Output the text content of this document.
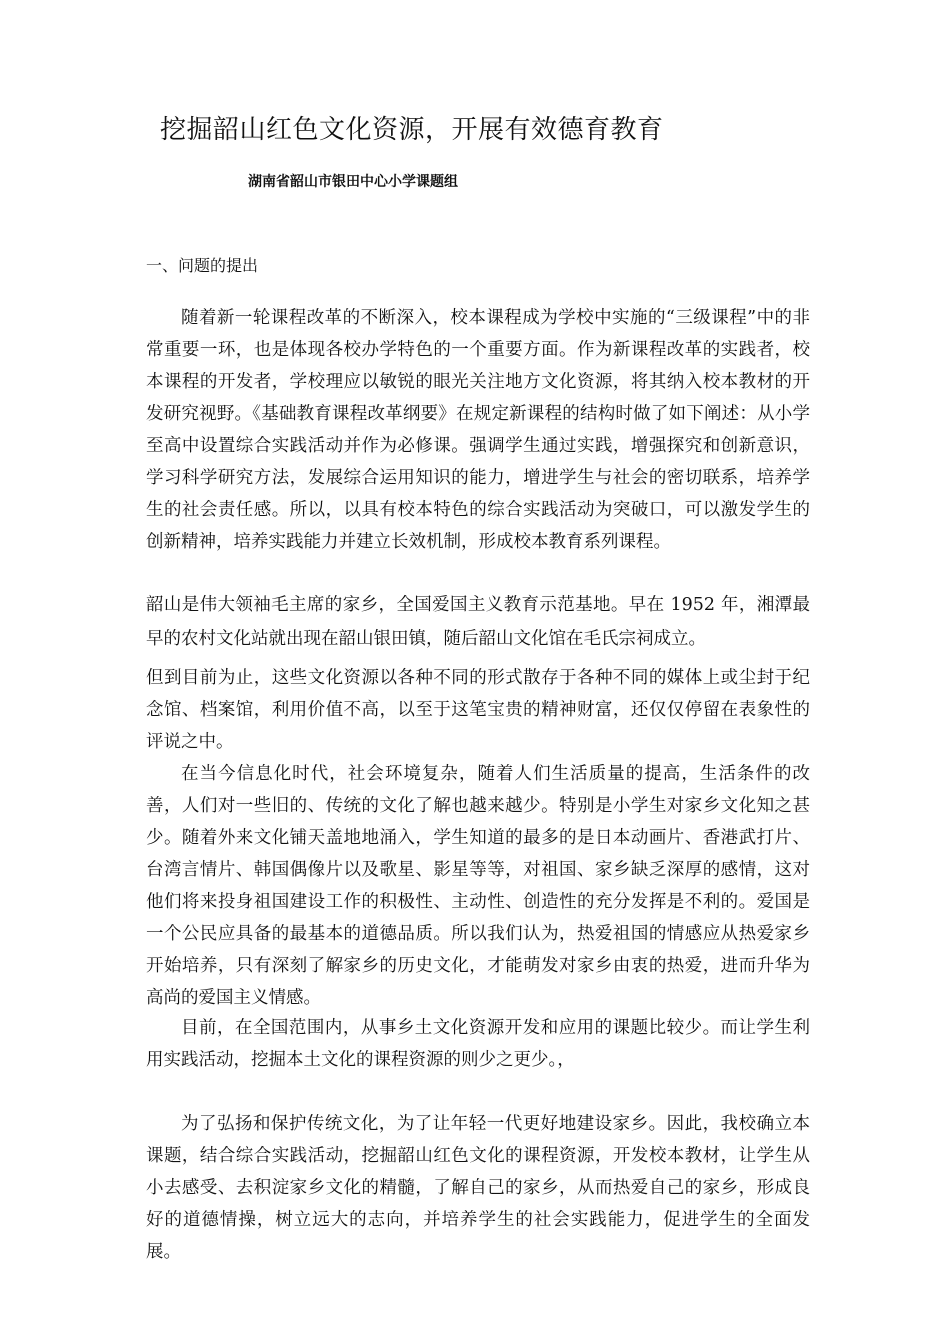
挖掘韶山红色文化资源，开展有效德育教育
湖南省韶山市银田中心小学课题组
一、问题的提出

随着新一轮课程改革的不断深入，校本课程成为学校中实施的“三级课程”中的非常重要一环，也是体现各校办学特色的一个重要方面。作为新课程改革的实践者，校本课程的开发者，学校理应以敏锐的眼光关注地方文化资源，将其纳入校本教材的开发研究视野。《基础教育课程改革纲要》在规定新课程的结构时做了如下阐述：从小学至高中设置综合实践活动并作为必修课。强调学生通过实践，增强探究和创新意识，学习科学研究方法，发展综合运用知识的能力，增进学生与社会的密切联系，培养学生的社会责任感。所以，以具有校本特色的综合实践活动为突破口，可以激发学生的创新精神，培养实践能力并建立长效机制，形成校本教育系列课程。

韶山是伟大领袖毛主席的家乡，全国爱国主义教育示范基地。早在 1952 年，湘潭最早的农村文化站就出现在韶山银田镇，随后韶山文化馆在毛氏宗祠成立。

但到目前为止，这些文化资源以各种不同的形式散存于各种不同的媒体上或尘封于纪念馆、档案馆，利用价值不高，以至于这笔宝贵的精神财富，还仅仅停留在表象性的评说之中。

在当今信息化时代，社会环境复杂，随着人们生活质量的提高，生活条件的改善，人们对一些旧的、传统的文化了解也越来越少。特别是小学生对家乡文化知之甚少。随着外来文化铺天盖地地涌入，学生知道的最多的是日本动画片、香港武打片、台湾言情片、韩国偶像片以及歌星、影星等等，对祖国、家乡缺乏深厚的感情，这对他们将来投身祖国建设工作的积极性、主动性、创造性的充分发挥是不利的。爱国是一个公民应具备的最基本的道德品质。所以我们认为，热爱祖国的情感应从热爱家乡开始培养，只有深刻了解家乡的历史文化，才能萌发对家乡由衷的热爱，进而升华为高尚的爱国主义情感。

目前，在全国范围内，从事乡土文化资源开发和应用的课题比较少。而让学生利用实践活动，挖掘本土文化的课程资源的则少之更少。，

为了弘扬和保护传统文化，为了让年轻一代更好地建设家乡。因此，我校确立本课题，结合综合实践活动，挖掘韶山红色文化的课程资源，开发校本教材，让学生从小去感受、去积淀家乡文化的精髓，了解自己的家乡，从而热爱自己的家乡，形成良好的道德情操，树立远大的志向，并培养学生的社会实践能力，促进学生的全面发展。
